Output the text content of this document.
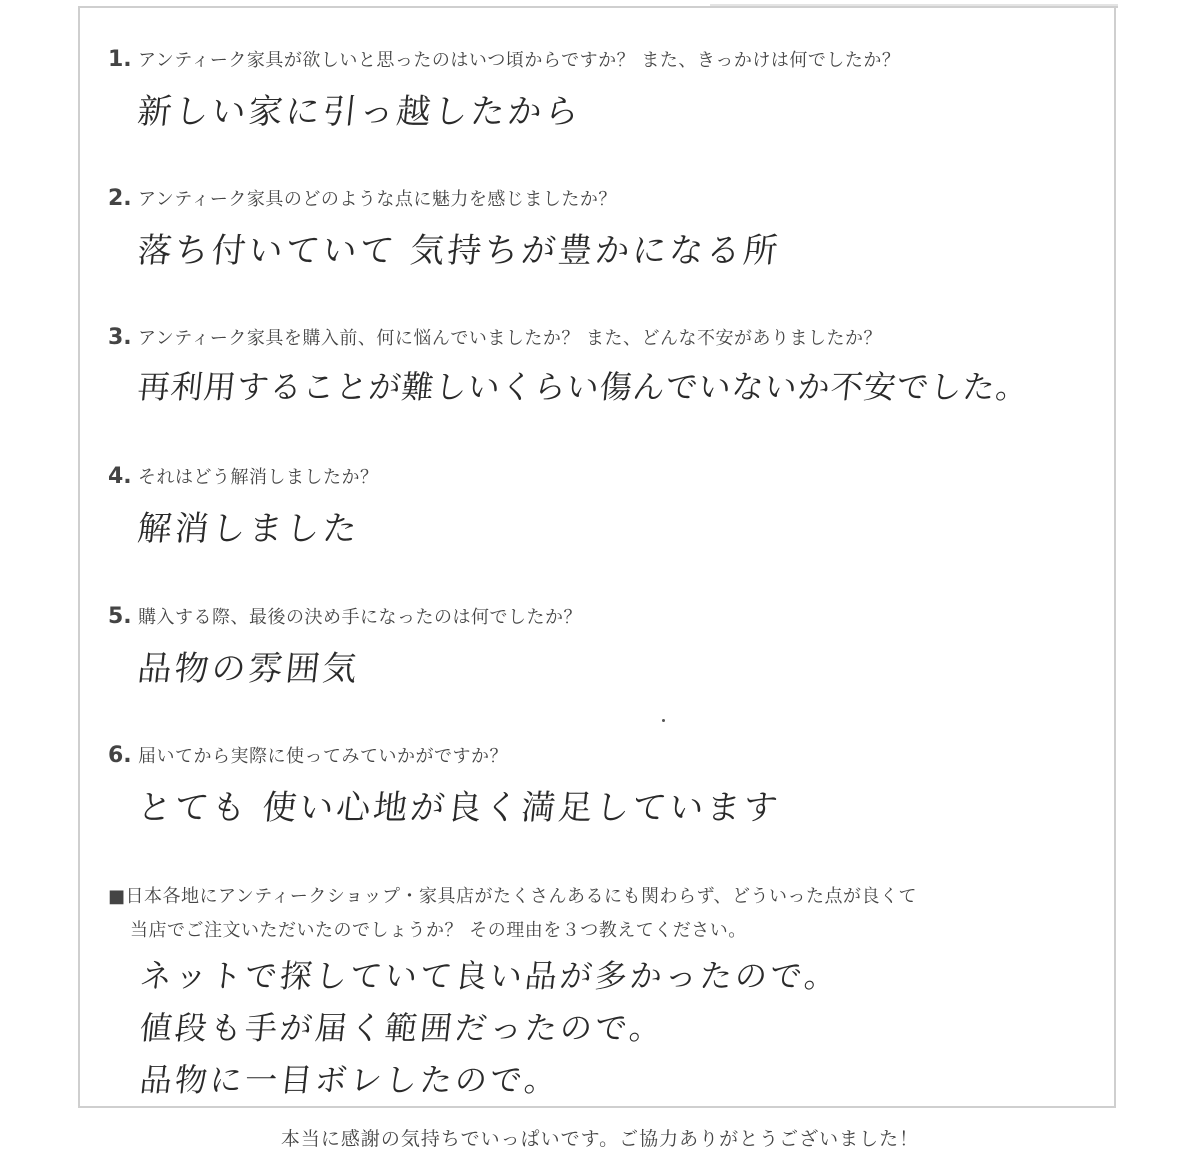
1. アンティーク家具が欲しいと思ったのはいつ頃からですか？ また、きっかけは何でしたか？
新しい家に引っ越したから
2. アンティーク家具のどのような点に魅力を感じましたか？
落ち付いていて 気持ちが豊かになる所
3. アンティーク家具を購入前、何に悩んでいましたか？ また、どんな不安がありましたか？
再利用することが難しいくらい傷んでいないか不安でした。
4. それはどう解消しましたか？
解消しました
5. 購入する際、最後の決め手になったのは何でしたか？
品物の雰囲気
6. 届いてから実際に使ってみていかがですか？
とても 使い心地が良く満足しています
■日本各地にアンティークショップ・家具店がたくさんあるにも関わらず、どういった点が良くて
当店でご注文いただいたのでしょうか？ その理由を３つ教えてください。
ネットで探していて良い品が多かったので。
値段も手が届く範囲だったので。
品物に一目ボレしたので。
本当に感謝の気持ちでいっぱいです。ご協力ありがとうございました！
